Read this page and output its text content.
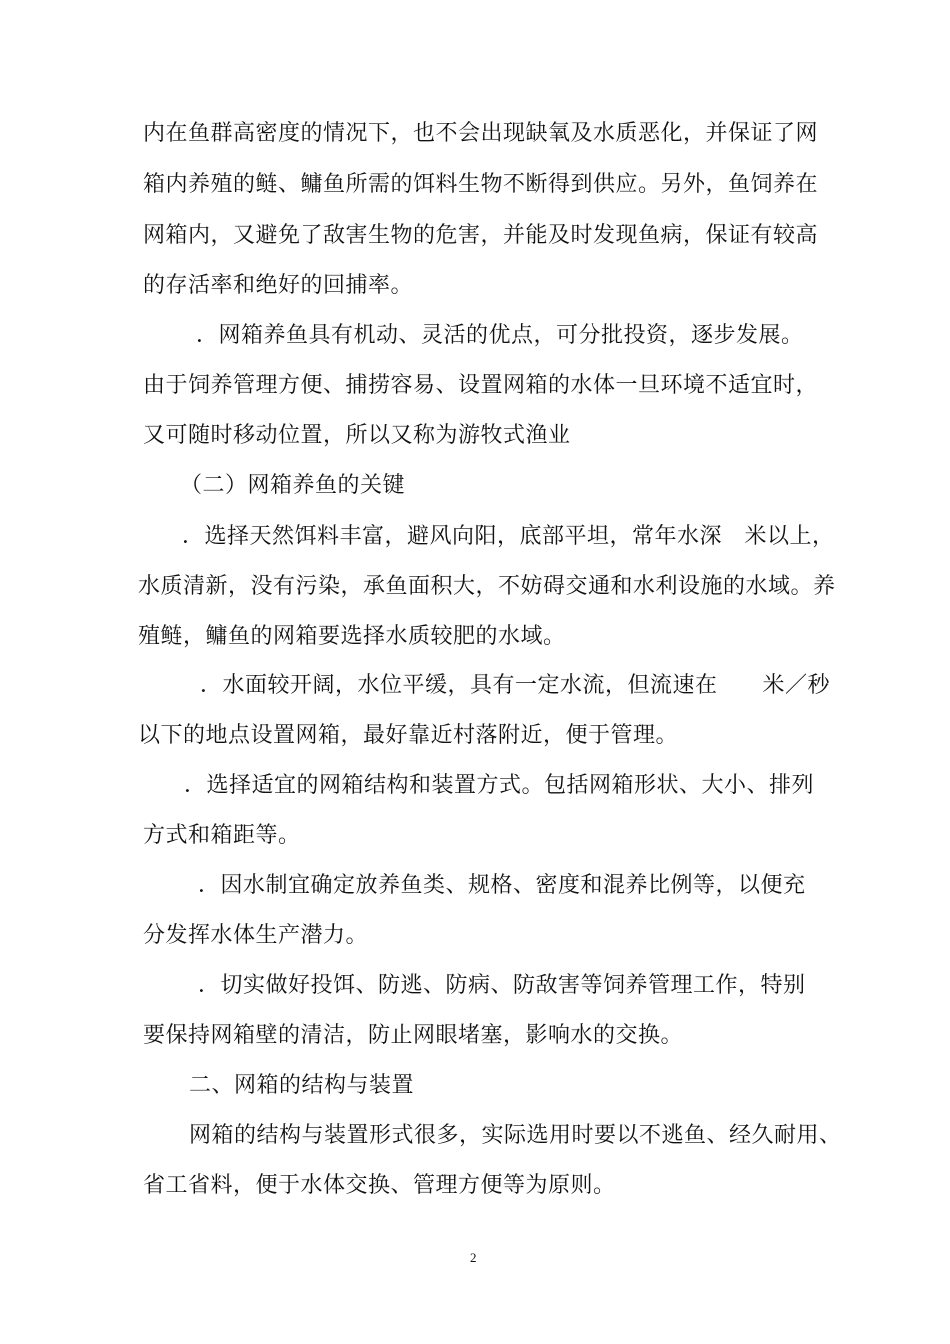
内在鱼群高密度的情况下，也不会出现缺氧及水质恶化，并保证了网
箱内养殖的鲢、鳙鱼所需的饵料生物不断得到供应。另外，鱼饲养在
网箱内，又避免了敌害生物的危害，并能及时发现鱼病，保证有较高
的存活率和绝好的回捕率。
．网箱养鱼具有机动、灵活的优点，可分批投资，逐步发展。
由于饲养管理方便、捕捞容易、设置网箱的水体一旦环境不适宜时，
又可随时移动位置，所以又称为游牧式渔业
（二）网箱养鱼的关键
．选择天然饵料丰富，避风向阳，底部平坦，常年水深　米以上，
水质清新，没有污染，承鱼面积大，不妨碍交通和水利设施的水域。养
殖鲢，鳙鱼的网箱要选择水质较肥的水域。
．水面较开阔，水位平缓，具有一定水流，但流速在　　米／秒
以下的地点设置网箱，最好靠近村落附近，便于管理。
．选择适宜的网箱结构和装置方式。包括网箱形状、大小、排列
方式和箱距等。
．因水制宜确定放养鱼类、规格、密度和混养比例等，以便充
分发挥水体生产潜力。
．切实做好投饵、防逃、防病、防敌害等饲养管理工作，特别
要保持网箱壁的清洁，防止网眼堵塞，影响水的交换。
二、网箱的结构与装置
网箱的结构与装置形式很多，实际选用时要以不逃鱼、经久耐用、
省工省料，便于水体交换、管理方便等为原则。
2
